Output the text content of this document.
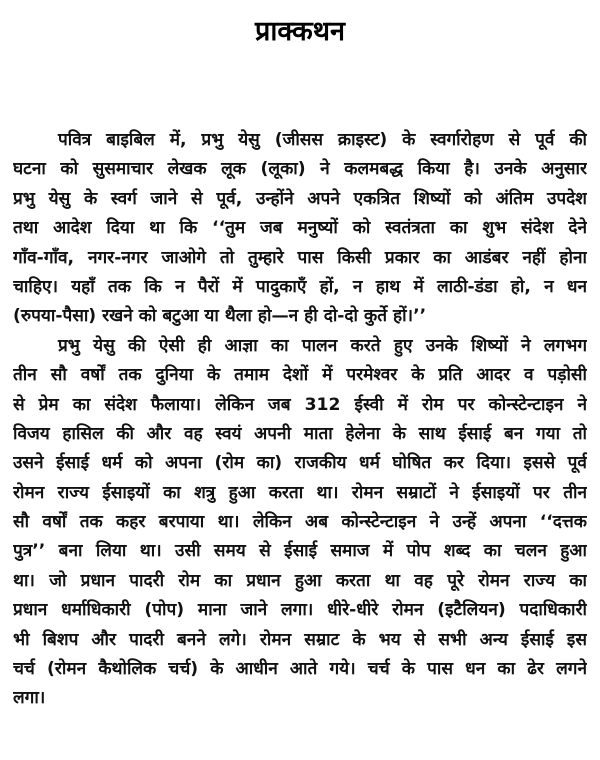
प्राक्कथन
पवित्र बाइबिल में, प्रभु येसु (जीसस क्राइस्ट) के स्वर्गारोहण से पूर्व की
घटना को सुसमाचार लेखक लूक (लूका) ने कलमबद्ध किया है। उनके अनुसार
प्रभु येसु के स्वर्ग जाने से पूर्व, उन्होंने अपने एकत्रित शिष्यों को अंतिम उपदेश
तथा आदेश दिया था कि ‘‘तुम जब मनुष्यों को स्वतंत्रता का शुभ संदेश देने
गाँव-गाँव, नगर-नगर जाओगे तो तुम्हारे पास किसी प्रकार का आडंबर नहीं होना
चाहिए। यहाँ तक कि न पैरों में पादुकाएँ हों, न हाथ में लाठी-डंडा हो, न धन
(रुपया-पैसा) रखने को बटुआ या थैला हो—न ही दो-दो कुर्ते हों।’’
प्रभु येसु की ऐसी ही आज्ञा का पालन करते हुए उनके शिष्यों ने लगभग
तीन सौ वर्षों तक दुनिया के तमाम देशों में परमेश्वर के प्रति आदर व पड़ोसी
से प्रेम का संदेश फैलाया। लेकिन जब 312 ईस्वी में रोम पर कोन्स्टेन्टाइन ने
विजय हासिल की और वह स्वयं अपनी माता हेलेना के साथ ईसाई बन गया तो
उसने ईसाई धर्म को अपना (रोम का) राजकीय धर्म घोषित कर दिया। इससे पूर्व
रोमन राज्य ईसाइयों का शत्रु हुआ करता था। रोमन सम्राटों ने ईसाइयों पर तीन
सौ वर्षों तक कहर बरपाया था। लेकिन अब कोन्स्टेन्टाइन ने उन्हें अपना ‘‘दत्तक
पुत्र’’ बना लिया था। उसी समय से ईसाई समाज में पोप शब्द का चलन हुआ
था। जो प्रधान पादरी रोम का प्रधान हुआ करता था वह पूरे रोमन राज्य का
प्रधान धर्माधिकारी (पोप) माना जाने लगा। धीरे-धीरे रोमन (इटैलियन) पदाधिकारी
भी बिशप और पादरी बनने लगे। रोमन सम्राट के भय से सभी अन्य ईसाई इस
चर्च (रोमन कैथोलिक चर्च) के आधीन आते गये। चर्च के पास धन का ढेर लगने
लगा।
